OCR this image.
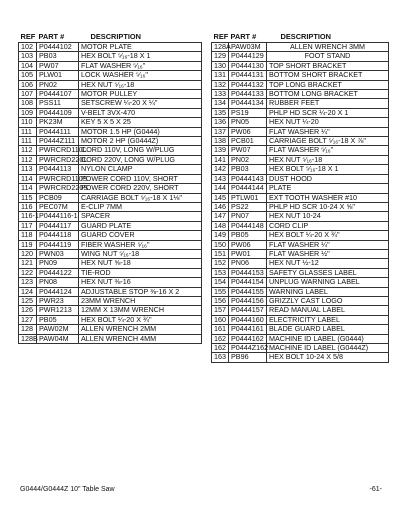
REF	PART #	DESCRIPTION
102	P0444102	MOTOR PLATE
103	PB03	HEX BOLT ⁵⁄₁₆-18 X 1
104	PW07	FLAT WASHER ⁵⁄₁₆"
105	PLW01	LOCK WASHER ⁵⁄₁₆"
106	PN02	HEX NUT ⁵⁄₁₆-18
107	P0444107	MOTOR PULLEY
108	PSS11	SETSCREW ¼-20 X ¼"
109	P0444109	V-BELT 3VX-470
110	PK23M	KEY 5 X 5 X 25
111	P0444111	MOTOR 1.5 HP (G0444)
111	P0444Z111	MOTOR 2 HP (G0444Z)
112	PWRCRD110L	CORD 110V, LONG W/PLUG
112	PWRCRD220L	CORD 220V, LONG W/PLUG
113	P0444113	NYLON CLAMP
114	PWRCRD110S	POWER CORD 110V, SHORT
114	PWRCRD220S	POWER CORD 220V, SHORT
115	PCB09	CARRIAGE BOLT ⁵⁄₁₆-18 X 1⅛"
116	PEC07M	E-CLIP 7MM
116-1	P0444116-1	SPACER
117	P0444117	GUARD PLATE
118	P0444118	GUARD COVER
119	P0444119	FIBER WASHER ⁵⁄₁₆"
120	PWN03	WING NUT ⁵⁄₁₆-18
121	PN09	HEX NUT ⅝-18
122	P0444122	TIE-ROD
123	PN08	HEX NUT ⅜-16
124	P0444124	ADJUSTABLE STOP ⅜-16 X 2
125	PWR23	23MM WRENCH
126	PWR1213	12MM X 13MM WRENCH
127	PB05	HEX BOLT ¼-20 X ¾"
128	PAW02M	ALLEN WRENCH 2MM
128B	PAW04M	ALLEN WRENCH 4MM
REF	PART #	DESCRIPTION
128A	PAW03M	ALLEN WRENCH 3MM
129	P0444129	FOOT STAND
130	P0444130	TOP SHORT BRACKET
131	P0444131	BOTTOM SHORT BRACKET
132	P0444132	TOP LONG BRACKET
133	P0444133	BOTTOM LONG BRACKET
134	P0444134	RUBBER FEET
135	PS19	PHLP HD SCR ¼-20 X 1
136	PN05	HEX NUT ¼-20
137	PW06	FLAT WASHER ¼"
138	PCB01	CARRIAGE BOLT ⁵⁄₁₆-18 X ⅞"
139	PW07	FLAT WASHER ⁵⁄₁₆"
141	PN02	HEX NUT ⁵⁄₁₆-18
142	PB03	HEX BOLT ⁵⁄₁₆-18 X 1
143	P0444143	DUST HOOD
144	P0444144	PLATE
145	PTLW01	EXT TOOTH WASHER #10
146	PS22	PHLP HD SCR 10-24 X ⅝"
147	PN07	HEX NUT 10-24
148	P0444148	CORD CLIP
149	PB05	HEX BOLT ¼-20 X ¾"
150	PW06	FLAT WASHER ¼"
151	PW01	FLAT WASHER ½"
152	PN06	HEX NUT ½-12
153	P0444153	SAFETY GLASSES LABEL
154	P0444154	UNPLUG WARNING LABEL
155	P0444155	WARNING LABEL
156	P0444156	GRIZZLY CAST LOGO
157	P0444157	READ MANUAL LABEL
160	P0444160	ELECTRICITY LABEL
161	P0444161	BLADE GUARD LABEL
162	P0444162	MACHINE ID LABEL (G0444)
162	P0444Z162	MACHINE ID LABEL (G0444Z)
163	PB96	HEX BOLT 10-24 X 5/8
G0444/G0444Z 10" Table Saw	-61-
